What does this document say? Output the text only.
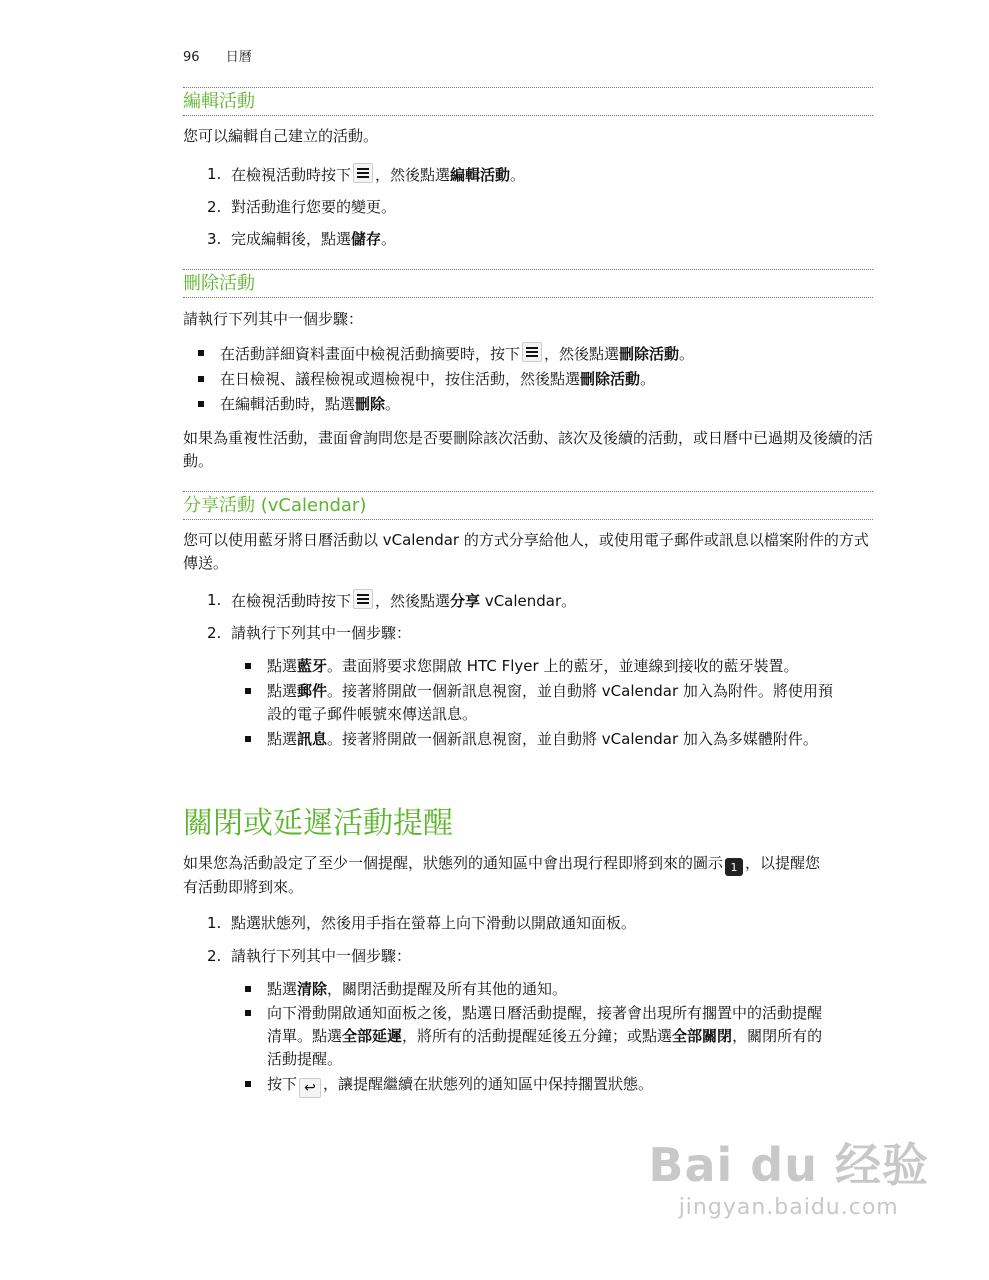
96 日曆
編輯活動
您可以編輯自己建立的活動。
1. 在檢視活動時按下 ，然後點選編輯活動。
2. 對活動進行您要的變更。
3. 完成編輯後，點選儲存。
刪除活動
請執行下列其中一個步驟：
在活動詳細資料畫面中檢視活動摘要時，按下 ，然後點選刪除活動。
在日檢視、議程檢視或週檢視中，按住活動，然後點選刪除活動。
在編輯活動時，點選刪除。
如果為重複性活動，畫面會詢問您是否要刪除該次活動、該次及後續的活動，或日曆中已過期及後續的活動。
分享活動 (vCalendar)
您可以使用藍牙將日曆活動以 vCalendar 的方式分享給他人，或使用電子郵件或訊息以檔案附件的方式傳送。
1. 在檢視活動時按下 ，然後點選分享 vCalendar。
2. 請執行下列其中一個步驟：
點選藍牙。畫面將要求您開啟 HTC Flyer 上的藍牙，並連線到接收的藍牙裝置。
點選郵件。接著將開啟一個新訊息視窗，並自動將 vCalendar 加入為附件。將使用預
設的電子郵件帳號來傳送訊息。
點選訊息。接著將開啟一個新訊息視窗，並自動將 vCalendar 加入為多媒體附件。
關閉或延遲活動提醒
如果您為活動設定了至少一個提醒，狀態列的通知區中會出現行程即將到來的圖示 1 ，以提醒您
有活動即將到來。
1. 點選狀態列，然後用手指在螢幕上向下滑動以開啟通知面板。
2. 請執行下列其中一個步驟：
點選清除，關閉活動提醒及所有其他的通知。
向下滑動開啟通知面板之後，點選日曆活動提醒，接著會出現所有擱置中的活動提醒
清單。點選全部延遲，將所有的活動提醒延後五分鐘；或點選全部關閉，關閉所有的
活動提醒。
按下 ↩ ，讓提醒繼續在狀態列的通知區中保持擱置狀態。
Bai du 经验
jingyan.baidu.com
